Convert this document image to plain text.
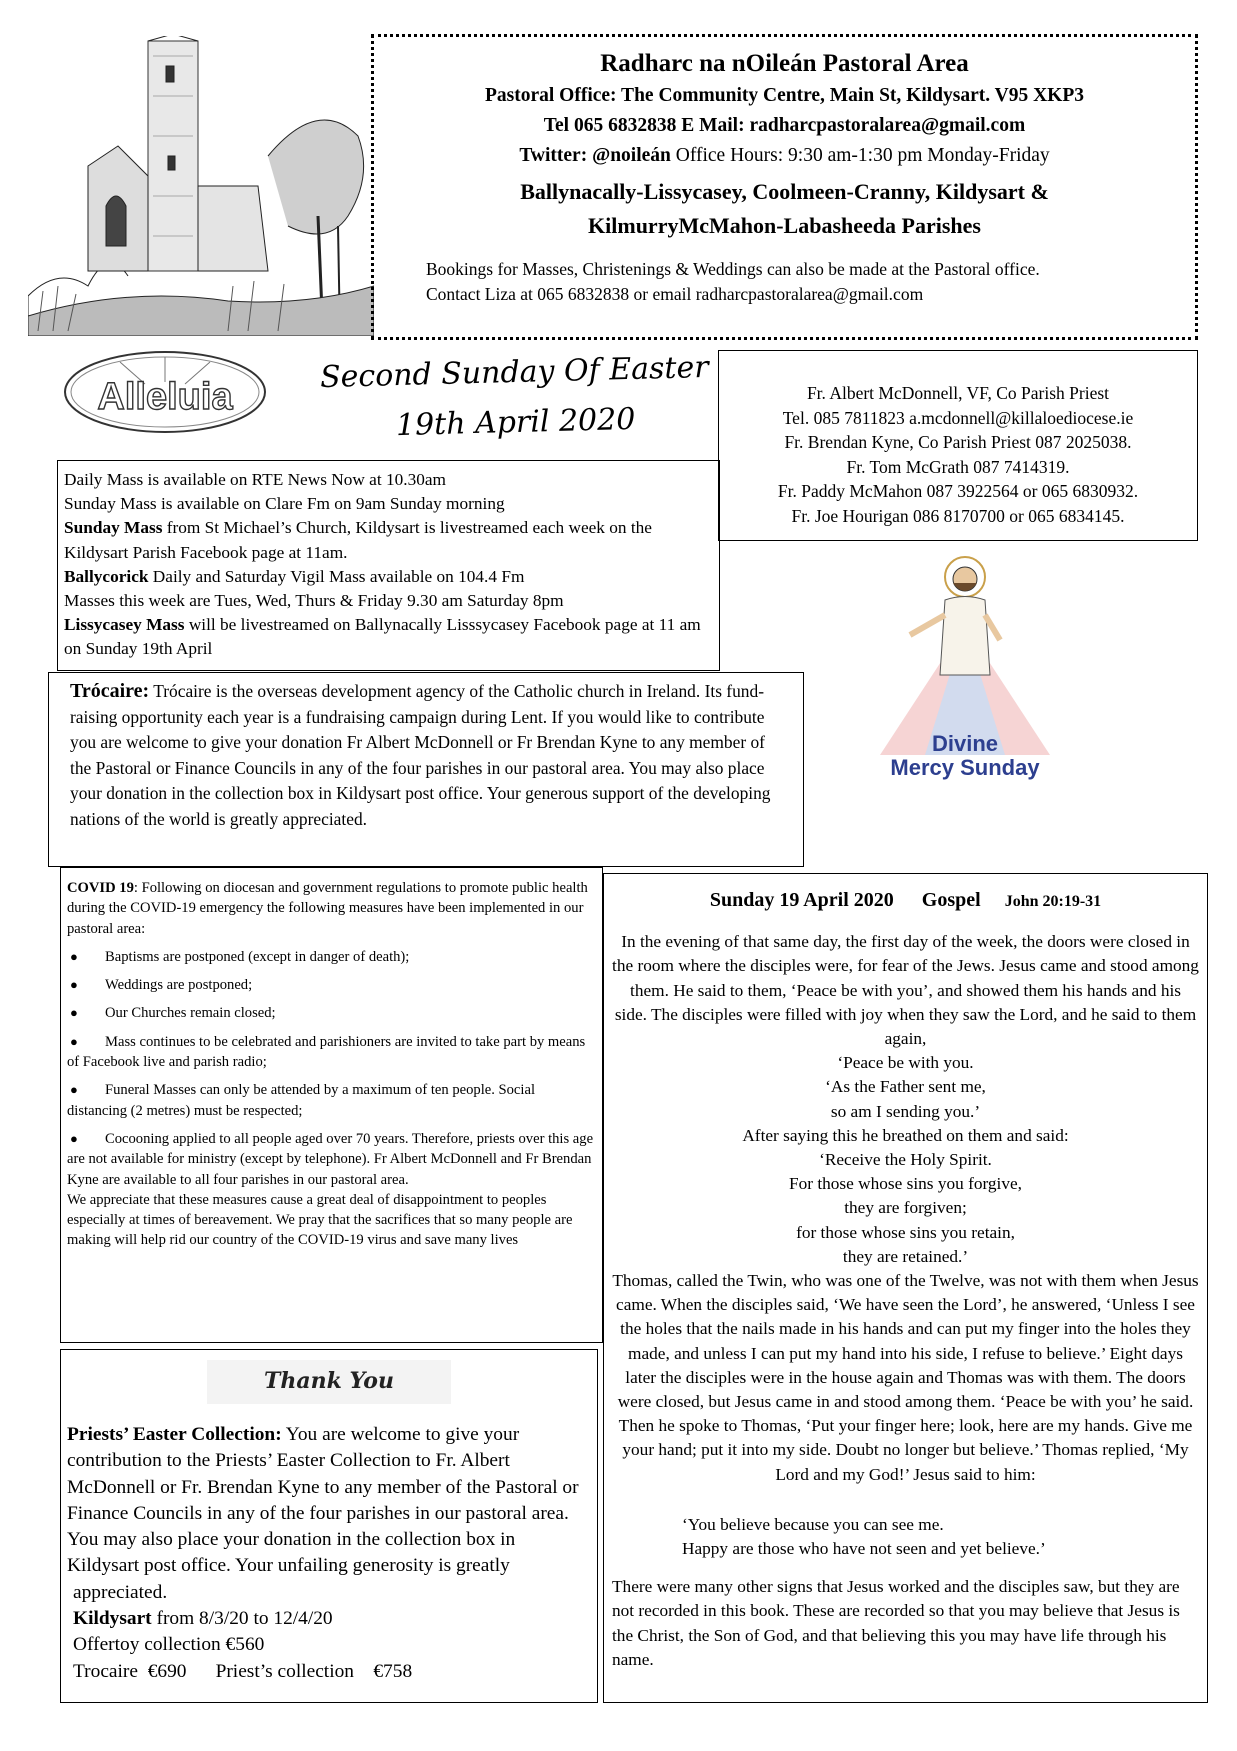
Radharc na nOileán Pastoral Area

Pastoral Office: The Community Centre, Main St, Kildysart. V95 XKP3

Tel 065 6832838 E Mail: radharcpastoralarea@gmail.com

Twitter: @noileán Office Hours: 9:30 am-1:30 pm Monday-Friday

Ballynacally-Lissycasey, Coolmeen-Cranny, Kildysart &

KilmurryMcMahon-Labasheeda Parishes

Bookings for Masses, Christenings & Weddings can also be made at the Pastoral office.

Contact Liza at 065 6832838 or email radharcpastoralarea@gmail.com

Alleluia

Second Sunday Of Easter

19th April 2020

Fr. Albert McDonnell, VF, Co Parish Priest

Tel. 085 7811823 a.mcdonnell@killaloediocese.ie

Fr. Brendan Kyne, Co Parish Priest 087 2025038.

Fr. Tom McGrath 087 7414319.

Fr. Paddy McMahon 087 3922564 or 065 6830932.

Fr. Joe Hourigan 086 8170700 or 065 6834145.

Daily Mass is available on RTE News Now at 10.30am

Sunday Mass is available on Clare Fm on 9am Sunday morning

Sunday Mass from St Michael’s Church, Kildysart is livestreamed each week on the Kildysart Parish Facebook page at 11am.

Ballycorick Daily and Saturday Vigil Mass available on 104.4 Fm

Masses this week are Tues, Wed, Thurs & Friday 9.30 am Saturday 8pm

Lissycasey Mass will be livestreamed on Ballynacally Lisssycasey Facebook page at 11 am on Sunday 19th April

Trócaire: Trócaire is the overseas development agency of the Catholic church in Ireland. Its fund-raising opportunity each year is a fundraising campaign during Lent. If you would like to contribute you are welcome to give your donation Fr Albert McDonnell or Fr Brendan Kyne to any member of the Pastoral or Finance Councils in any of the four parishes in our pastoral area. You may also place your donation in the collection box in Kildysart post office. Your generous support of the developing nations of the world is greatly appreciated.

Divine
Mercy Sunday

COVID 19: Following on diocesan and government regulations to promote public health during the COVID-19 emergency the following measures have been implemented in our pastoral area:

● Baptisms are postponed (except in danger of death);

● Weddings are postponed;

● Our Churches remain closed;

● Mass continues to be celebrated and parishioners are invited to take part by means of Facebook live and parish radio;

● Funeral Masses can only be attended by a maximum of ten people. Social distancing (2 metres) must be respected;

● Cocooning applied to all people aged over 70 years. Therefore, priests over this age are not available for ministry (except by telephone). Fr Albert McDonnell and Fr Brendan Kyne are available to all four parishes in our pastoral area.

We appreciate that these measures cause a great deal of disappointment to peoples especially at times of bereavement. We pray that the sacrifices that so many people are making will help rid our country of the COVID-19 virus and save many lives

Sunday 19 April 2020 Gospel John 20:19-31

In the evening of that same day, the first day of the week, the doors were closed in the room where the disciples were, for fear of the Jews. Jesus came and stood among them. He said to them, ‘Peace be with you’, and showed them his hands and his side. The disciples were filled with joy when they saw the Lord, and he said to them again,

‘Peace be with you.

‘As the Father sent me,

so am I sending you.’

After saying this he breathed on them and said:

‘Receive the Holy Spirit.

For those whose sins you forgive,

they are forgiven;

for those whose sins you retain,

they are retained.’

Thomas, called the Twin, who was one of the Twelve, was not with them when Jesus came. When the disciples said, ‘We have seen the Lord’, he answered, ‘Unless I see the holes that the nails made in his hands and can put my finger into the holes they made, and unless I can put my hand into his side, I refuse to believe.’ Eight days later the disciples were in the house again and Thomas was with them. The doors were closed, but Jesus came in and stood among them. ‘Peace be with you’ he said. Then he spoke to Thomas, ‘Put your finger here; look, here are my hands. Give me your hand; put it into my side. Doubt no longer but believe.’ Thomas replied, ‘My Lord and my God!’ Jesus said to him:

‘You believe because you can see me.

Happy are those who have not seen and yet believe.’

There were many other signs that Jesus worked and the disciples saw, but they are not recorded in this book. These are recorded so that you may believe that Jesus is the Christ, the Son of God, and that believing this you may have life through his name.

Thank You

Priests’ Easter Collection: You are welcome to give your contribution to the Priests’ Easter Collection to Fr. Albert McDonnell or Fr. Brendan Kyne to any member of the Pastoral or Finance Councils in any of the four parishes in our pastoral area. You may also place your donation in the collection box in Kildysart post office. Your unfailing generosity is greatly

appreciated.

Kildysart from 8/3/20 to 12/4/20

Offertoy collection €560

Trocaire €690 Priest’s collection €758
